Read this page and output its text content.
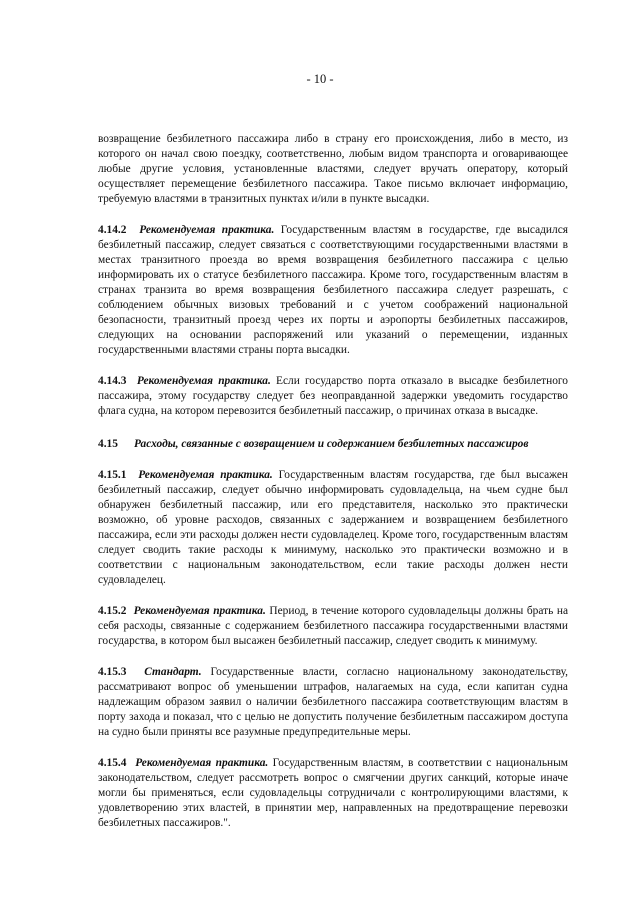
- 10 -

возвращение безбилетного пассажира либо в страну его происхождения, либо в место, из которого он начал свою поездку, соответственно, любым видом транспорта и оговаривающее любые другие условия, установленные властями, следует вручать оператору, который осуществляет перемещение безбилетного пассажира. Такое письмо включает информацию, требуемую властями в транзитных пунктах и/или в пункте высадки.

4.14.2 Рекомендуемая практика. Государственным властям в государстве, где высадился безбилетный пассажир, следует связаться с соответствующими государственными властями в местах транзитного проезда во время возвращения безбилетного пассажира с целью информировать их о статусе безбилетного пассажира. Кроме того, государственным властям в странах транзита во время возвращения безбилетного пассажира следует разрешать, с соблюдением обычных визовых требований и с учетом соображений национальной безопасности, транзитный проезд через их порты и аэропорты безбилетных пассажиров, следующих на основании распоряжений или указаний о перемещении, изданных государственными властями страны порта высадки.

4.14.3 Рекомендуемая практика. Если государство порта отказало в высадке безбилетного пассажира, этому государству следует без неоправданной задержки уведомить государство флага судна, на котором перевозится безбилетный пассажир, о причинах отказа в высадке.

4.15	Расходы, связанные с возвращением и содержанием безбилетных пассажиров

4.15.1 Рекомендуемая практика. Государственным властям государства, где был высажен безбилетный пассажир, следует обычно информировать судовладельца, на чьем судне был обнаружен безбилетный пассажир, или его представителя, насколько это практически возможно, об уровне расходов, связанных с задержанием и возвращением безбилетного пассажира, если эти расходы должен нести судовладелец. Кроме того, государственным властям следует сводить такие расходы к минимуму, насколько это практически возможно и в соответствии с национальным законодательством, если такие расходы должен нести судовладелец.

4.15.2 Рекомендуемая практика. Период, в течение которого судовладельцы должны брать на себя расходы, связанные с содержанием безбилетного пассажира государственными властями государства, в котором был высажен безбилетный пассажир, следует сводить к минимуму.

4.15.3 Стандарт. Государственные власти, согласно национальному законодательству, рассматривают вопрос об уменьшении штрафов, налагаемых на суда, если капитан судна надлежащим образом заявил о наличии безбилетного пассажира соответствующим властям в порту захода и показал, что с целью не допустить получение безбилетным пассажиром доступа на судно были приняты все разумные предупредительные меры.

4.15.4 Рекомендуемая практика. Государственным властям, в соответствии с национальным законодательством, следует рассмотреть вопрос о смягчении других санкций, которые иначе могли бы применяться, если судовладельцы сотрудничали с контролирующими властями, к удовлетворению этих властей, в принятии мер, направленных на предотвращение перевозки безбилетных пассажиров.".
